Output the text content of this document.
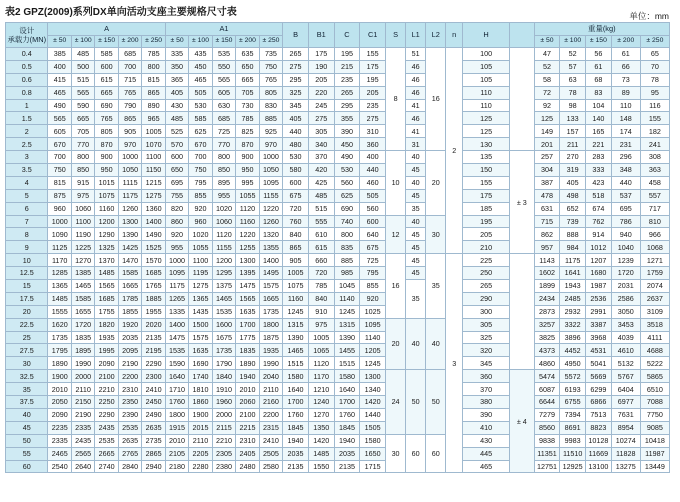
表2 GPZ(2009)系列DX单向活动支座主要规格尺寸表	单位：mm
设计
承载力(MN)	A					A1					B	B1	C	C1	S	L1	L2	n	H		重量(kg)				
	± 50	± 100	± 150	± 200	± 250	± 50	± 100	± 150	± 200	± 250											± 50	± 100	± 150	± 200	± 250
0.4	385	485	585	685	785	335	435	535	635	735	265	175	195	155	8	51	16	2	100		47	52	56	61	65
0.5	400	500	600	700	800	350	450	550	650	750	275	190	215	175		46			105		52	57	61	66	70
0.6	415	515	615	715	815	365	465	565	665	765	295	205	235	195		46			105		58	63	68	73	78
0.8	465	565	665	765	865	405	505	605	705	805	325	220	265	205		46			110		72	78	83	89	95
1	490	590	690	790	890	430	530	630	730	830	345	245	295	235		41			110		92	98	104	110	116
1.5	565	665	765	865	965	485	585	685	785	885	405	275	355	275		46			125		125	133	140	148	155
2	605	705	805	905	1005	525	625	725	825	925	440	305	390	310		41			125		149	157	165	174	182
2.5	670	770	870	970	1070	570	670	770	870	970	480	340	450	360		31			130		201	211	221	231	241
3	700	800	900	1000	1100	600	700	800	900	1000	530	370	490	400	10	40	20		135	± 3	257	270	283	296	308
3.5	750	850	950	1050	1150	650	750	850	950	1050	580	420	530	440		45			150		304	319	333	348	363
4	815	915	1015	1115	1215	695	795	895	995	1095	600	425	560	460		40			155		387	405	423	440	458
5	875	975	1075	1175	1275	755	855	955	1055	1155	675	485	625	505		45			175		478	498	518	537	557
6	960	1060	1160	1260	1360	820	920	1020	1120	1220	720	515	690	560		35			185		631	652	674	695	717
7	1000	1100	1200	1300	1400	860	960	1060	1160	1260	760	555	740	600	12	40	30		195		715	739	762	786	810
8	1090	1190	1290	1390	1490	920	1020	1120	1220	1320	840	610	800	640		45			205		862	888	914	940	966
9	1125	1225	1325	1425	1525	955	1055	1155	1255	1355	865	615	835	675		45			210		957	984	1012	1040	1068
10	1170	1270	1370	1470	1570	1000	1100	1200	1300	1400	905	660	885	725	16	45	35	3	225		1143	1175	1207	1239	1271
12.5	1285	1385	1485	1585	1685	1095	1195	1295	1395	1495	1005	720	985	795		45			250		1602	1641	1680	1720	1759
15	1365	1465	1565	1665	1765	1175	1275	1375	1475	1575	1075	785	1045	855		35			265		1899	1943	1987	2031	2074
17.5	1485	1585	1685	1785	1885	1265	1365	1465	1565	1665	1160	840	1140	920					290		2434	2485	2536	2586	2637
20	1555	1655	1755	1855	1955	1335	1435	1535	1635	1735	1245	910	1245	1025					300		2873	2932	2991	3050	3109
22.5	1620	1720	1820	1920	2020	1400	1500	1600	1700	1800	1315	975	1315	1095	20	40	40		305		3257	3322	3387	3453	3518
25	1735	1835	1935	2035	2135	1475	1575	1675	1775	1875	1390	1005	1390	1140					325		3825	3896	3968	4039	4111
27.5	1795	1895	1995	2095	2195	1535	1635	1735	1835	1935	1465	1065	1455	1205					320		4373	4452	4531	4610	4688
30	1890	1990	2090	2190	2290	1590	1690	1790	1890	1990	1515	1120	1515	1245					345		4860	4950	5041	5132	5222
32.5	1900	2000	2100	2200	2300	1640	1740	1840	1940	2040	1580	1170	1580	1300	24	50	50		360	± 4	5474	5572	5669	5767	5865
35	2010	2110	2210	2310	2410	1710	1810	1910	2010	2110	1640	1210	1640	1340					370		6087	6193	6299	6404	6510
37.5	2050	2150	2250	2350	2450	1760	1860	1960	2060	2160	1700	1240	1700	1420					380		6644	6755	6866	6977	7088
40	2090	2190	2290	2390	2490	1800	1900	2000	2100	2200	1760	1270	1760	1440					390		7279	7394	7513	7631	7750
45	2235	2335	2435	2535	2635	1915	2015	2115	2215	2315	1845	1350	1845	1505					410		8560	8691	8823	8954	9085
50	2335	2435	2535	2635	2735	2010	2110	2210	2310	2410	1940	1420	1940	1580	30	60	60		430		9838	9983	10128	10274	10418
55	2465	2565	2665	2765	2865	2105	2205	2305	2405	2505	2035	1485	2035	1650					445		11351	11510	11669	11828	11987
60	2540	2640	2740	2840	2940	2180	2280	2380	2480	2580	2135	1550	2135	1715					465		12751	12925	13100	13275	13449
